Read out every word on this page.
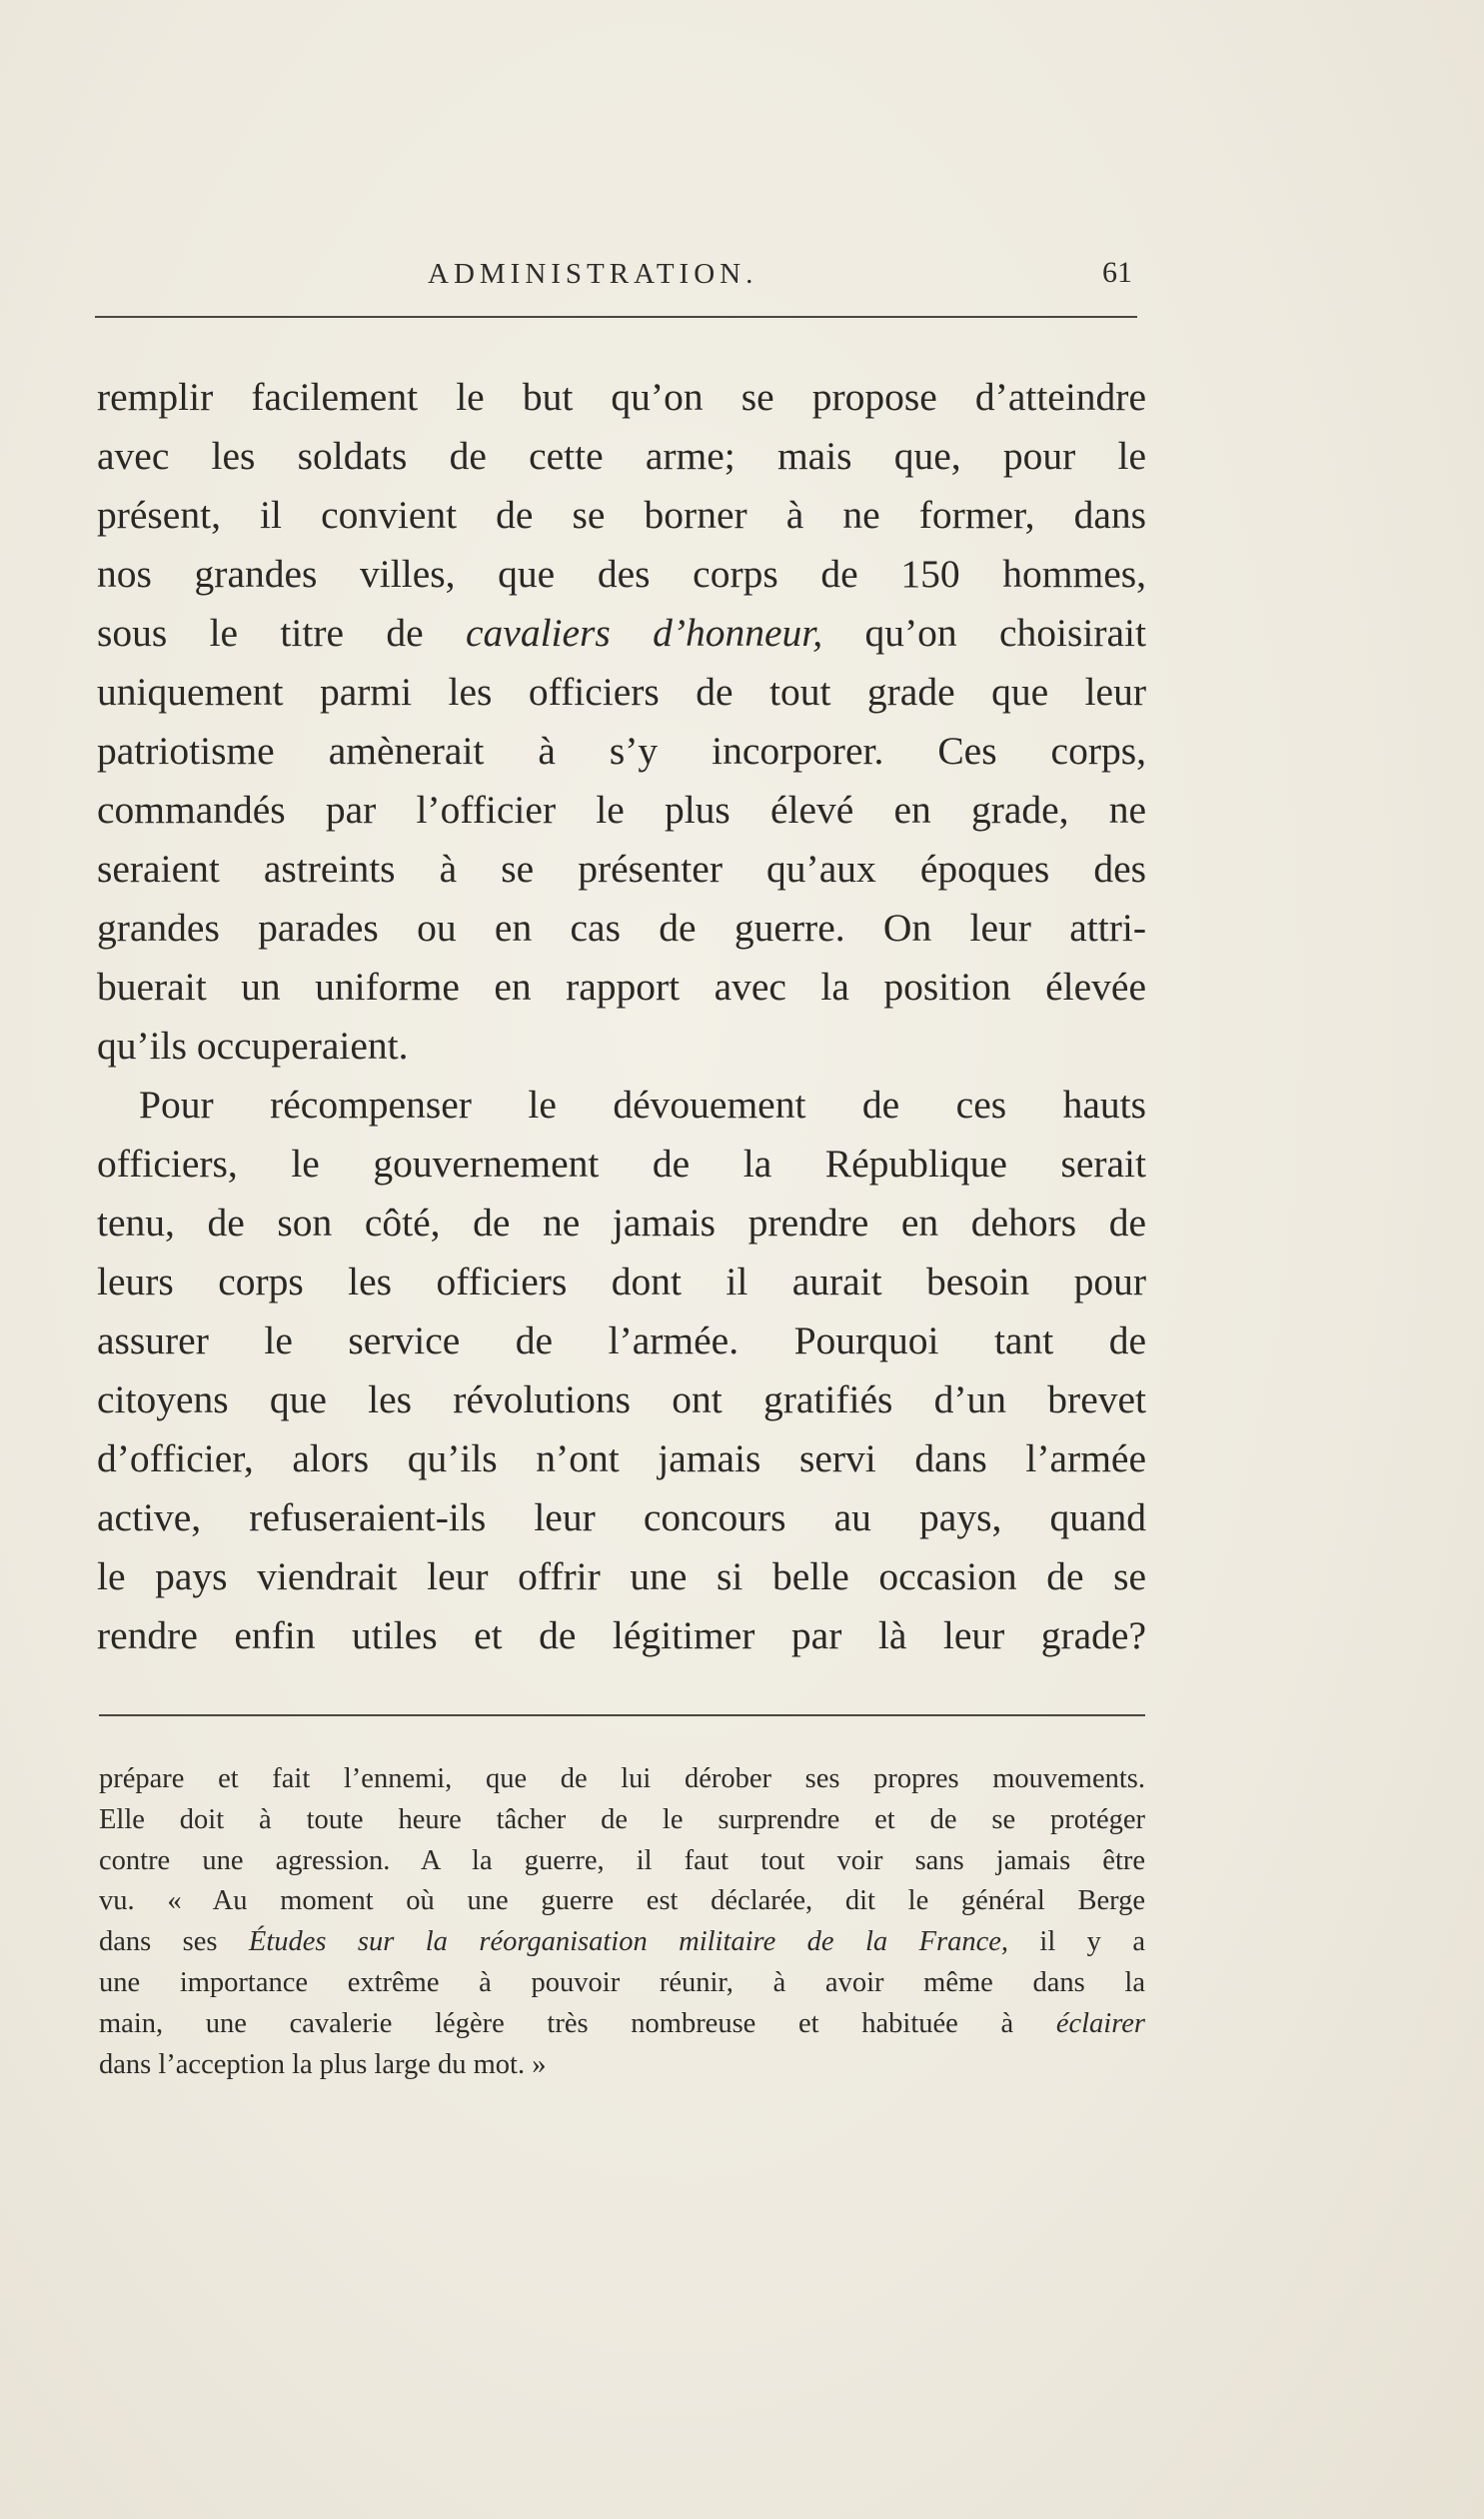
ADMINISTRATION.	61
remplir facilement le but qu’on se propose d’atteindre
avec les soldats de cette arme; mais que, pour le
présent, il convient de se borner à ne former, dans
nos grandes villes, que des corps de 150 hommes,
sous le titre de cavaliers d’honneur, qu’on choisirait
uniquement parmi les officiers de tout grade que leur
patriotisme amènerait à s’y incorporer. Ces corps,
commandés par l’officier le plus élevé en grade, ne
seraient astreints à se présenter qu’aux époques des
grandes parades ou en cas de guerre. On leur attri-
buerait un uniforme en rapport avec la position élevée
qu’ils occuperaient.
Pour récompenser le dévouement de ces hauts
officiers, le gouvernement de la République serait
tenu, de son côté, de ne jamais prendre en dehors de
leurs corps les officiers dont il aurait besoin pour
assurer le service de l’armée. Pourquoi tant de
citoyens que les révolutions ont gratifiés d’un brevet
d’officier, alors qu’ils n’ont jamais servi dans l’armée
active, refuseraient-ils leur concours au pays, quand
le pays viendrait leur offrir une si belle occasion de se
rendre enfin utiles et de légitimer par là leur grade?
prépare et fait l’ennemi, que de lui dérober ses propres mouvements.
Elle doit à toute heure tâcher de le surprendre et de se protéger
contre une agression. A la guerre, il faut tout voir sans jamais être
vu. « Au moment où une guerre est déclarée, dit le général Berge
dans ses Études sur la réorganisation militaire de la France, il y a
une importance extrême à pouvoir réunir, à avoir même dans la
main, une cavalerie légère très nombreuse et habituée à éclairer
dans l’acception la plus large du mot. »
